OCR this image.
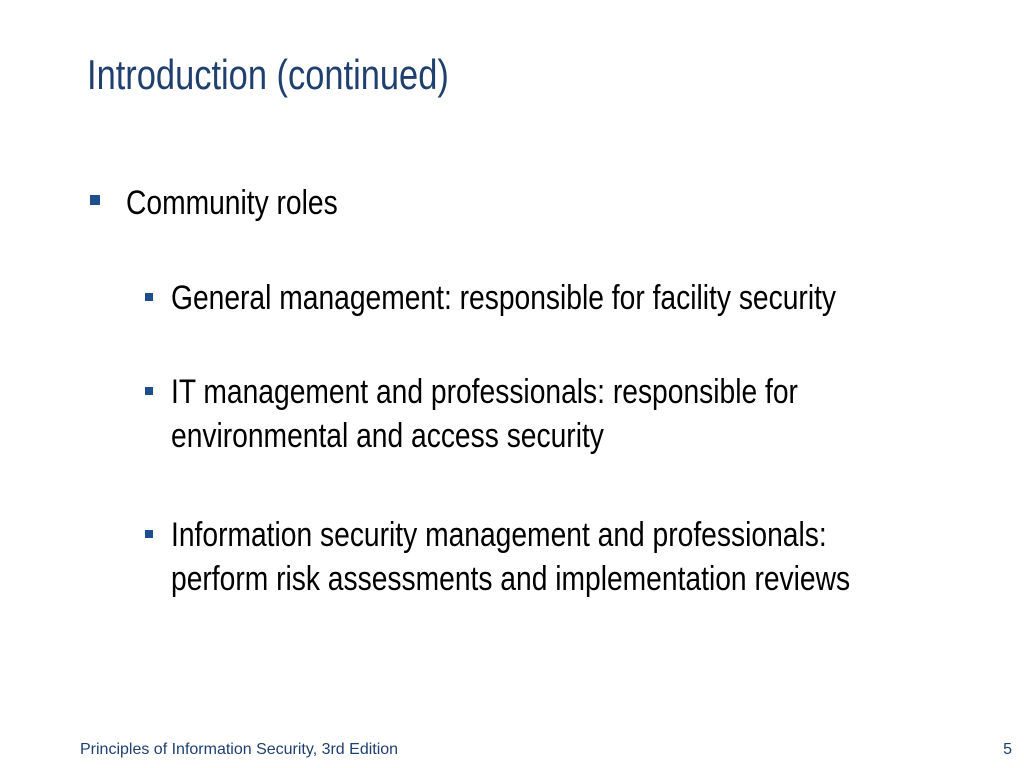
Introduction (continued)
Community roles
General management: responsible for facility security
IT management and professionals: responsible for
environmental and access security
Information security management and professionals:
perform risk assessments and implementation reviews
Principles of Information Security, 3rd Edition	5
